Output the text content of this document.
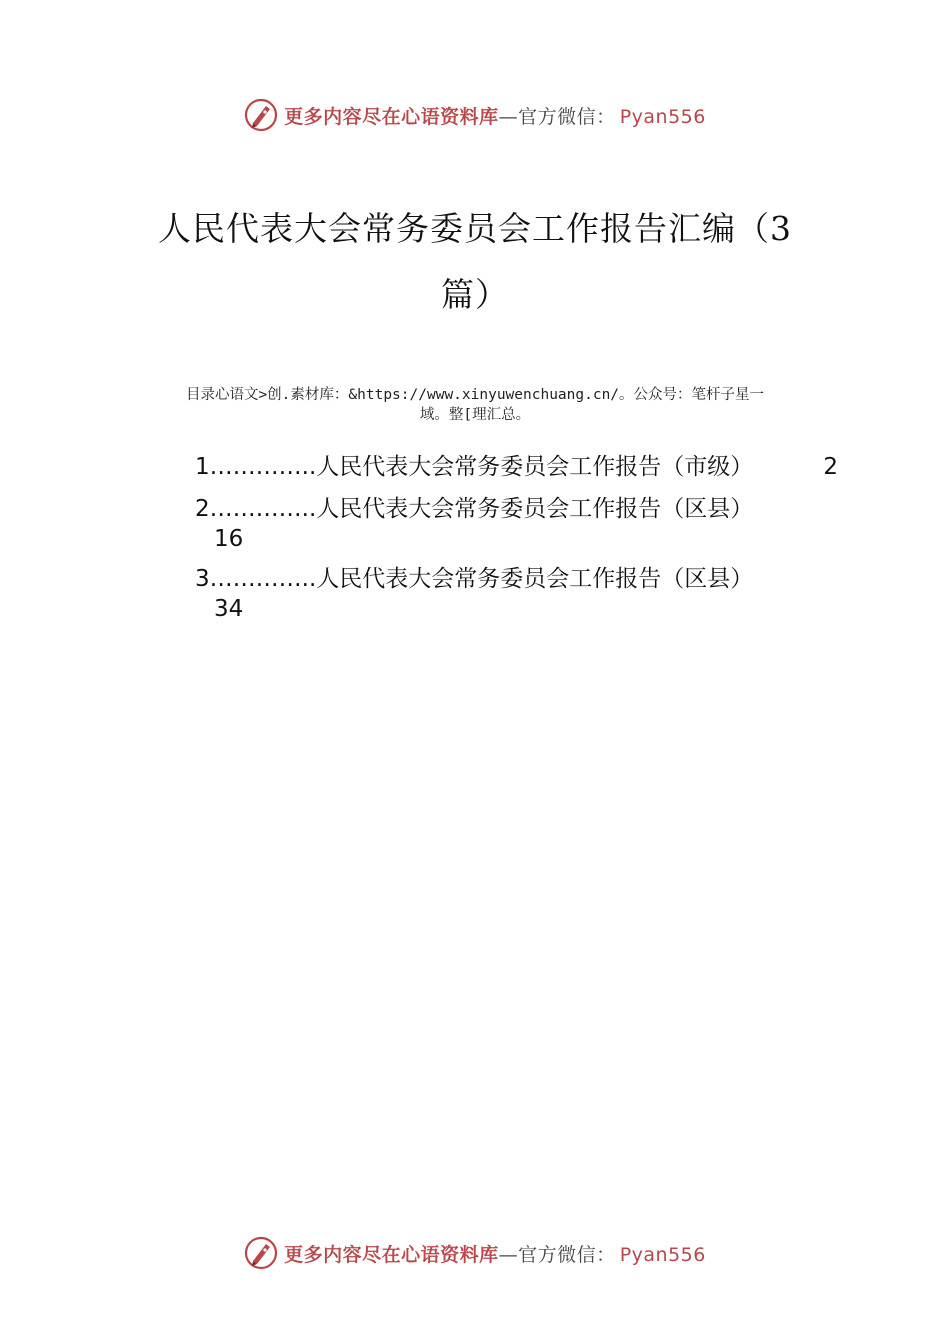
更多内容尽在心语资料库—官方微信： Pyan556
人民代表大会常务委员会工作报告汇编（3
篇）
目录心语文>创.素材库：&https://www.xinyuwenchuang.cn/。公众号：笔杆子星一
域。整[理汇总。
1…………..人民代表大会常务委员会工作报告（市级）	2
2…………..人民代表大会常务委员会工作报告（区县）
16
3…………..人民代表大会常务委员会工作报告（区县）
34
更多内容尽在心语资料库—官方微信： Pyan556
